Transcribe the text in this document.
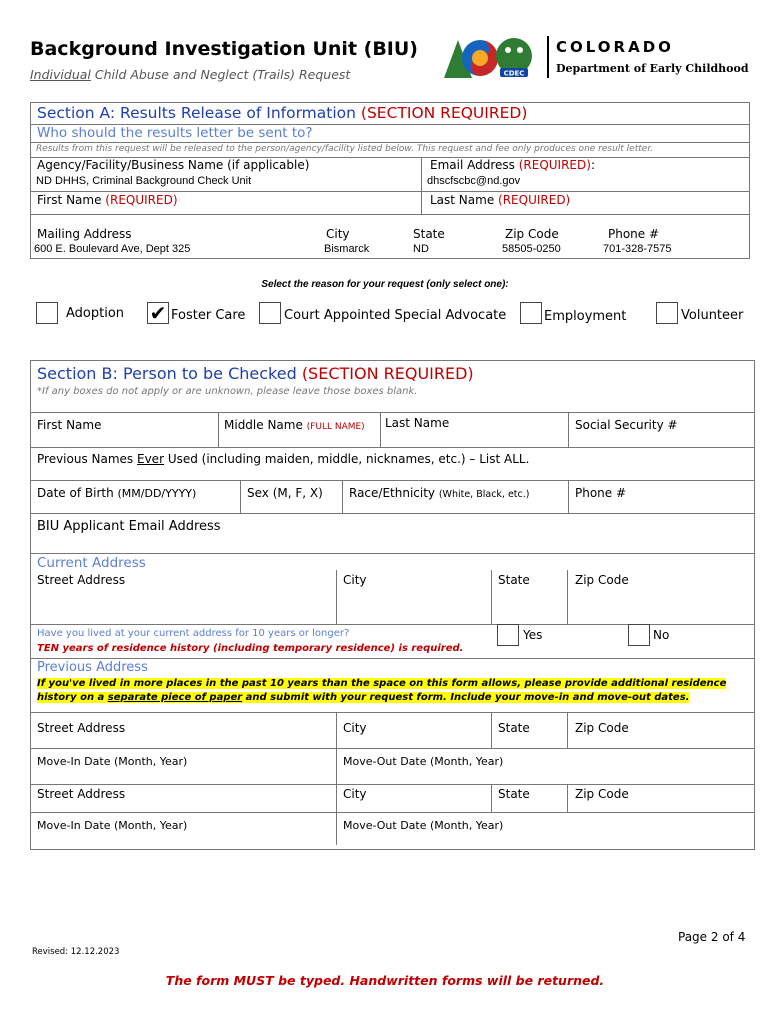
Background Investigation Unit (BIU)
Individual Child Abuse and Neglect (Trails) Request	CDEC
COLORADO
Department of Early Childhood
Section A: Results Release of Information (SECTION REQUIRED)
Who should the results letter be sent to?
Results from this request will be released to the person/agency/facility listed below. This request and fee only produces one result letter.
Agency/Facility/Business Name (if applicable)
ND DHHS, Criminal Background Check Unit
Email Address (REQUIRED):
dhscfscbc@nd.gov
First Name (REQUIRED)	Last Name (REQUIRED)
Mailing Address
600 E. Boulevard Ave, Dept 325
City
Bismarck
State
ND
Zip Code
58505-0250
Phone #
701-328-7575
Select the reason for your request (only select one):
Adoption ✔ Foster Care	Court Appointed Special Advocate	Employment	Volunteer
Section B: Person to be Checked (SECTION REQUIRED)
*If any boxes do not apply or are unknown, please leave those boxes blank.
First Name	Middle Name (FULL NAME) Last Name	Social Security #
Previous Names Ever Used (including maiden, middle, nicknames, etc.) – List ALL.
Date of Birth (MM/DD/YYYY)	Sex (M, F, X) Race/Ethnicity (White, Black, etc.)	Phone #
BIU Applicant Email Address
Current Address
Street Address	City	State	Zip Code
Have you lived at your current address for 10 years or longer?
TEN years of residence history (including temporary residence) is required.
Yes	No
Previous Address
If you've lived in more places in the past 10 years than the space on this form allows, please provide additional residence history on a separate piece of paper and submit with your request form. Include your move-in and move-out dates.
Street Address	City	State	Zip Code
Move-In Date (Month, Year)	Move-Out Date (Month, Year)
Street Address	City	State	Zip Code
Move-In Date (Month, Year)	Move-Out Date (Month, Year)
Page 2 of 4
Revised: 12.12.2023
The form MUST be typed. Handwritten forms will be returned.
